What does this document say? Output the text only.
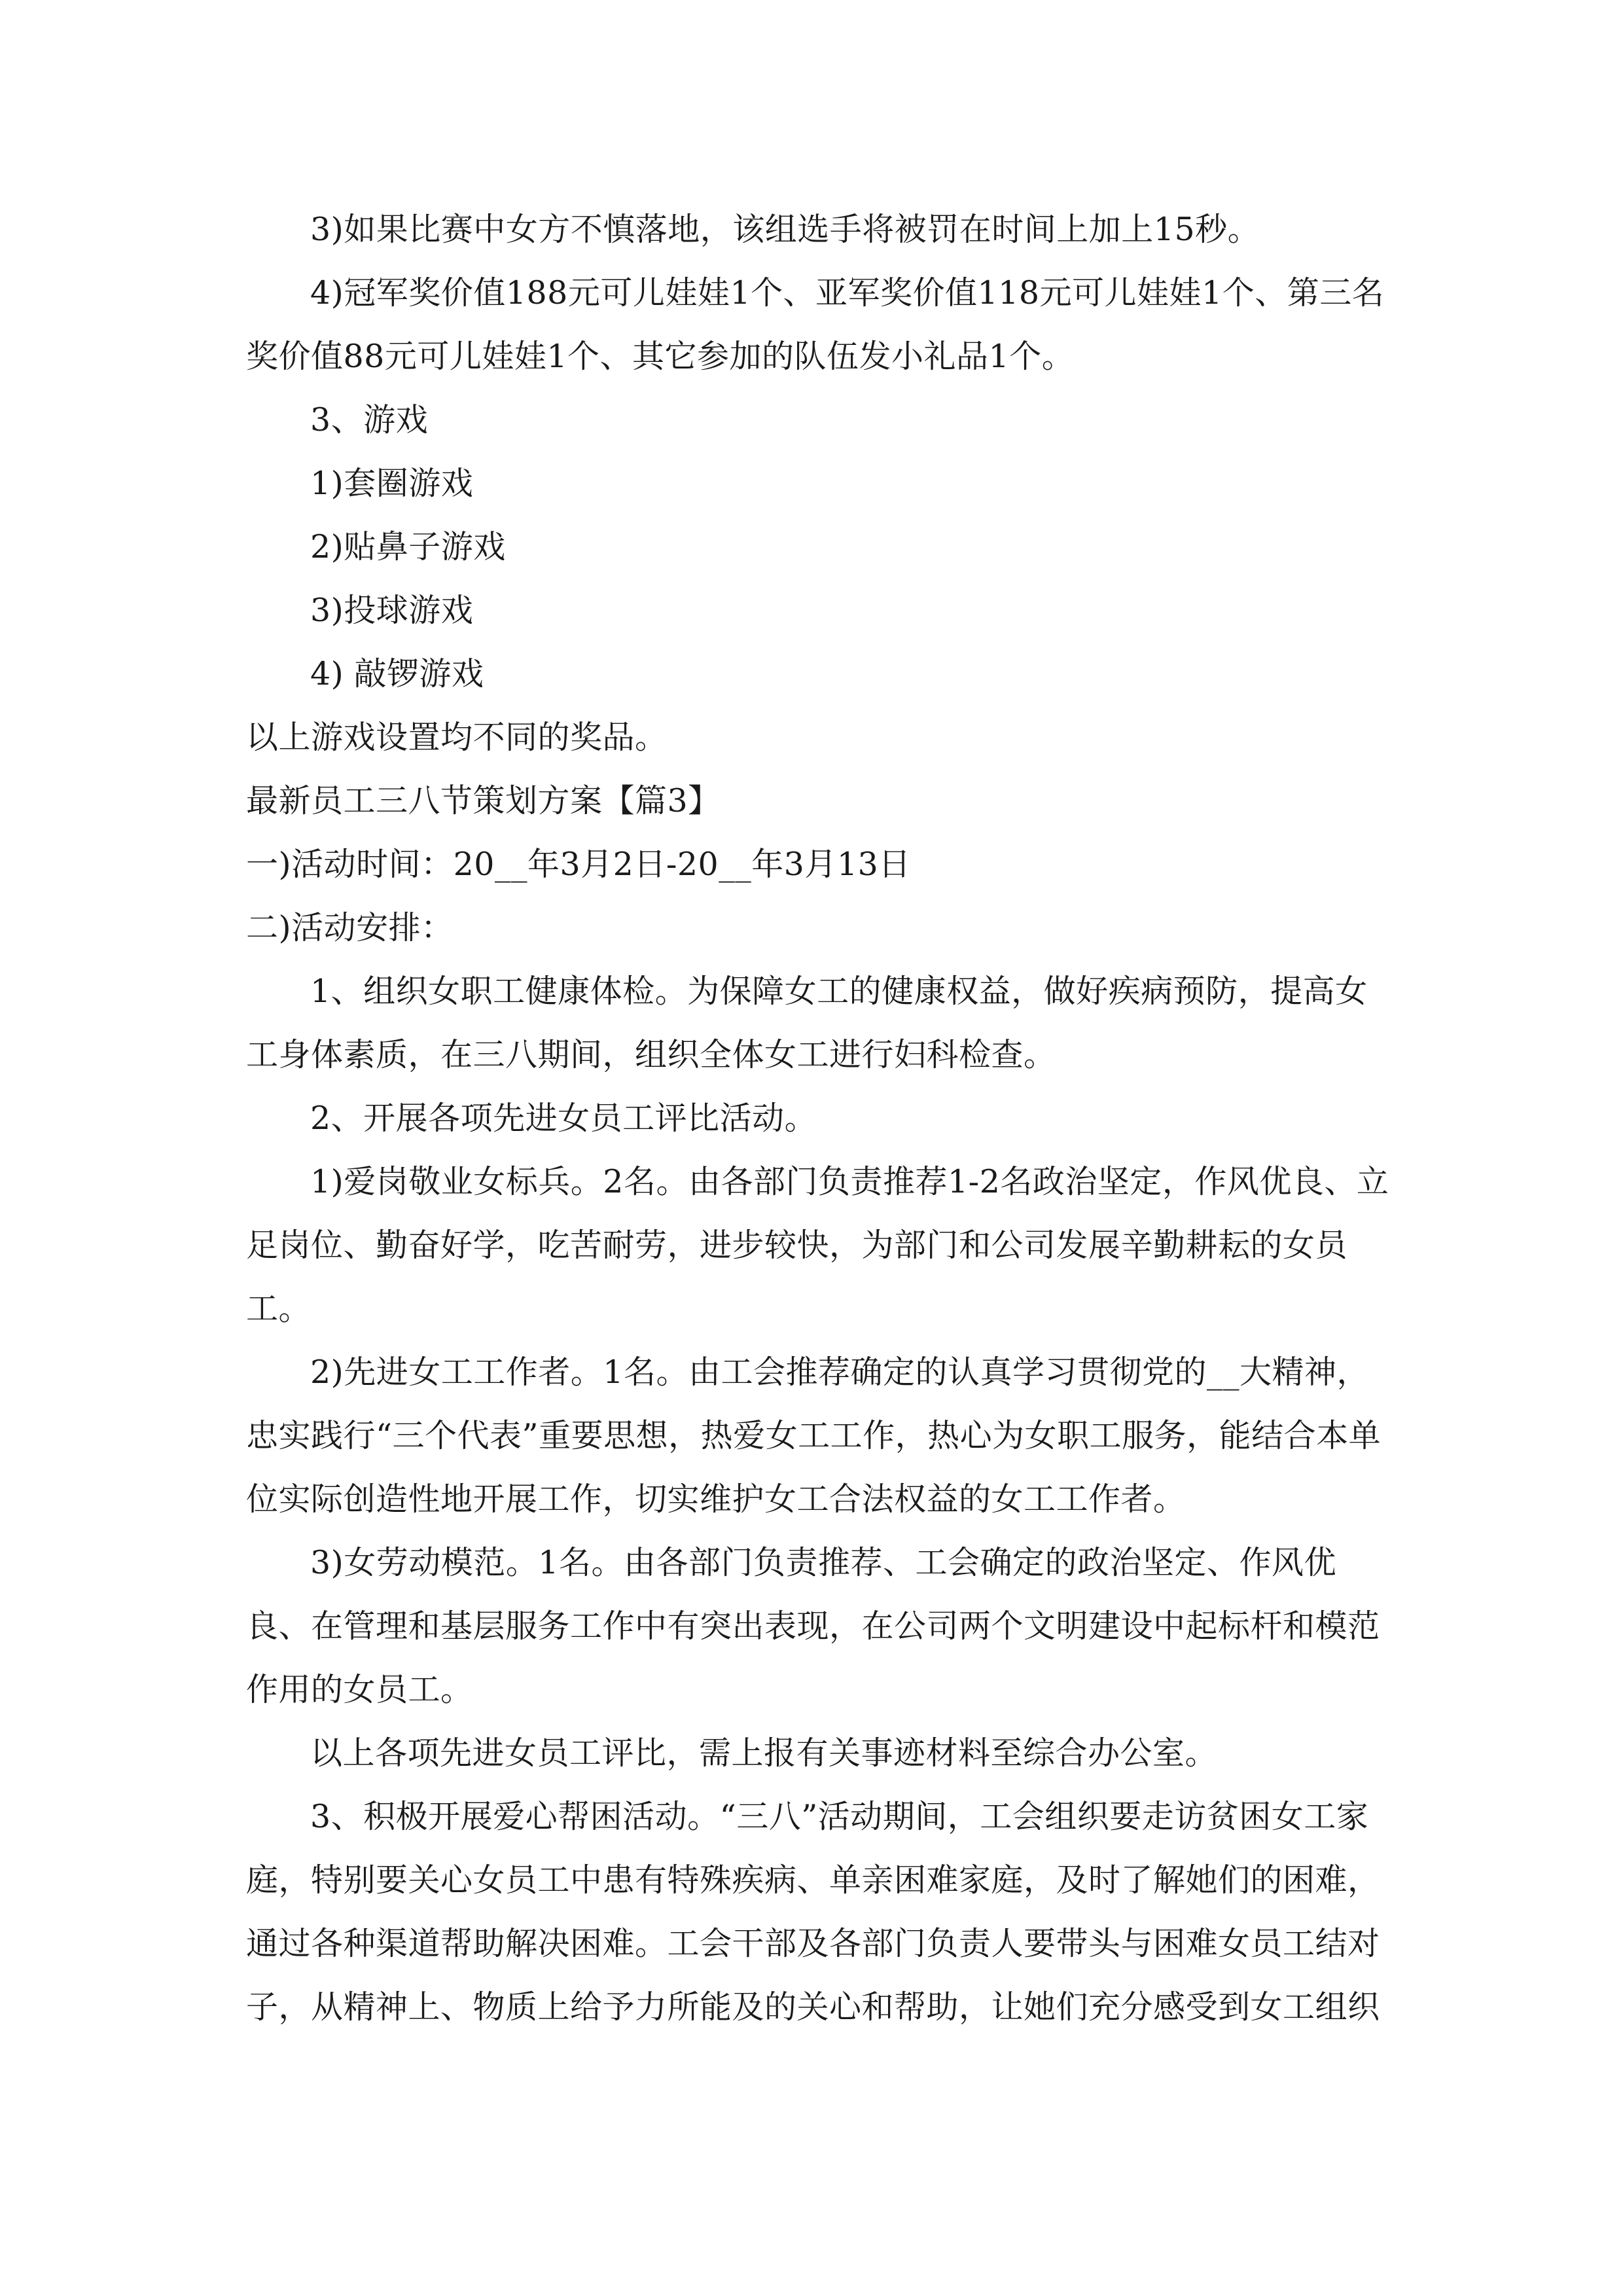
3)如果比赛中女方不慎落地，该组选手将被罚在时间上加上15秒。

4)冠军奖价值188元可儿娃娃1个、亚军奖价值118元可儿娃娃1个、第三名奖价值88元可儿娃娃1个、其它参加的队伍发小礼品1个。

3、游戏

1)套圈游戏

2)贴鼻子游戏

3)投球游戏

4) 敲锣游戏

以上游戏设置均不同的奖品。

最新员工三八节策划方案【篇3】

一)活动时间：20__年3月2日-20__年3月13日

二)活动安排：

1、组织女职工健康体检。为保障女工的健康权益，做好疾病预防，提高女工身体素质，在三八期间，组织全体女工进行妇科检查。

2、开展各项先进女员工评比活动。

1)爱岗敬业女标兵。2名。由各部门负责推荐1-2名政治坚定，作风优良、立足岗位、勤奋好学，吃苦耐劳，进步较快，为部门和公司发展辛勤耕耘的女员工。

2)先进女工工作者。1名。由工会推荐确定的认真学习贯彻党的__大精神，忠实践行“三个代表”重要思想，热爱女工工作，热心为女职工服务，能结合本单位实际创造性地开展工作，切实维护女工合法权益的女工工作者。

3)女劳动模范。1名。由各部门负责推荐、工会确定的政治坚定、作风优良、在管理和基层服务工作中有突出表现，在公司两个文明建设中起标杆和模范作用的女员工。

以上各项先进女员工评比，需上报有关事迹材料至综合办公室。

3、积极开展爱心帮困活动。“三八”活动期间，工会组织要走访贫困女工家庭，特别要关心女员工中患有特殊疾病、单亲困难家庭，及时了解她们的困难，通过各种渠道帮助解决困难。工会干部及各部门负责人要带头与困难女员工结对子，从精神上、物质上给予力所能及的关心和帮助，让她们充分感受到女工组织
